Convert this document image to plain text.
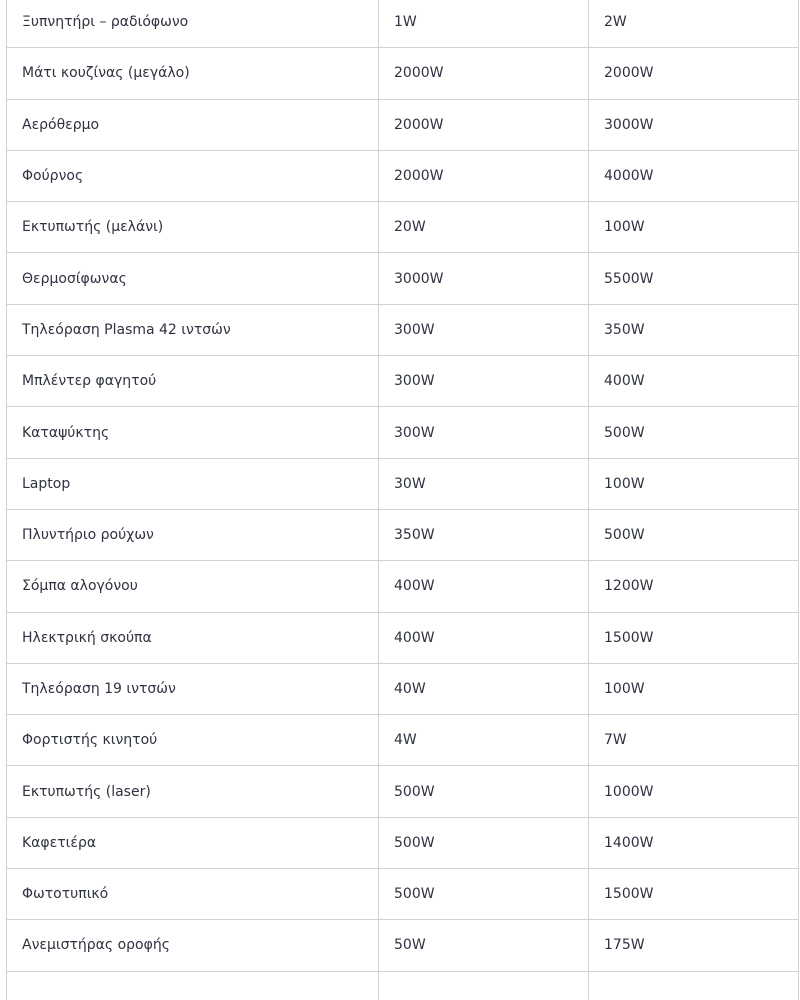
Ξυπνητήρι – ραδιόφωνο	1W	2W
Μάτι κουζίνας (μεγάλο)	2000W	2000W
Αερόθερμο	2000W	3000W
Φούρνος	2000W	4000W
Εκτυπωτής (μελάνι)	20W	100W
Θερμοσίφωνας	3000W	5500W
Τηλεόραση Plasma 42 ιντσών	300W	350W
Μπλέντερ φαγητού	300W	400W
Καταψύκτης	300W	500W
Laptop	30W	100W
Πλυντήριο ρούχων	350W	500W
Σόμπα αλογόνου	400W	1200W
Ηλεκτρική σκούπα	400W	1500W
Τηλεόραση 19 ιντσών	40W	100W
Φορτιστής κινητού	4W	7W
Εκτυπωτής (laser)	500W	1000W
Καφετιέρα	500W	1400W
Φωτοτυπικό	500W	1500W
Ανεμιστήρας οροφής	50W	175W
